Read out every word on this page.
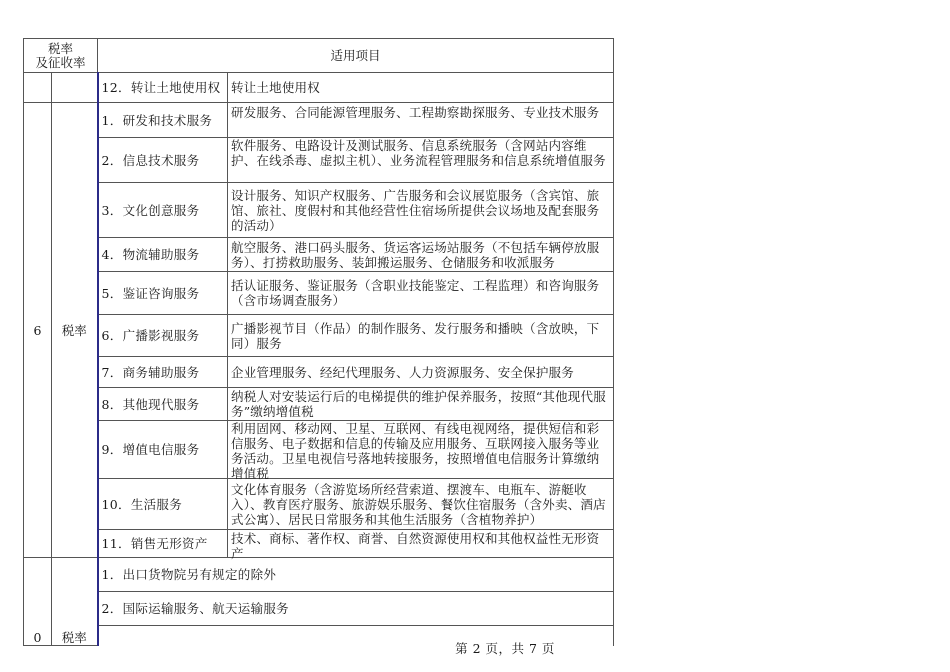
税率
及征收率		适用项目	
		12．转让土地使用权	转让土地使用权
6	税率	1．研发和技术服务	研发服务、合同能源管理服务、工程勘察勘探服务、专业技术服务

		2．信息技术服务	软件服务、电路设计及测试服务、信息系统服务（含网站内容维护、在线杀毒、虚拟主机）、业务流程管理服务和信息系统增值服务

		3．文化创意服务	设计服务、知识产权服务、广告服务和会议展览服务（含宾馆、旅馆、旅社、度假村和其他经营性住宿场所提供会议场地及配套服务的活动）

		4．物流辅助服务	航空服务、港口码头服务、货运客运场站服务（不包括车辆停放服务）、打捞救助服务、装卸搬运服务、仓储服务和收派服务

		5．鉴证咨询服务	括认证服务、鉴证服务（含职业技能鉴定、工程监理）和咨询服务（含市场调查服务）

		6．广播影视服务	广播影视节目（作品）的制作服务、发行服务和播映（含放映，下同）服务

		7．商务辅助服务	企业管理服务、经纪代理服务、人力资源服务、安全保护服务
		8．其他现代服务	纳税人对安装运行后的电梯提供的维护保养服务，按照“其他现代服务”缴纳增值税

		9．增值电信服务	利用固网、移动网、卫星、互联网、有线电视网络，提供短信和彩信服务、电子数据和信息的传输及应用服务、互联网接入服务等业务活动。卫星电视信号落地转接服务，按照增值电信服务计算缴纳增值税

		10．生活服务	文化体育服务（含游览场所经营索道、摆渡车、电瓶车、游艇收入）、教育医疗服务、旅游娱乐服务、餐饮住宿服务（含外卖、酒店式公寓）、居民日常服务和其他生活服务（含植物养护）

		11．销售无形资产	技术、商标、著作权、商誉、自然资源使用权和其他权益性无形资产

0	税率	1．出口货物院另有规定的除外	
		2．国际运输服务、航天运输服务	

第 2 页，共 7 页
